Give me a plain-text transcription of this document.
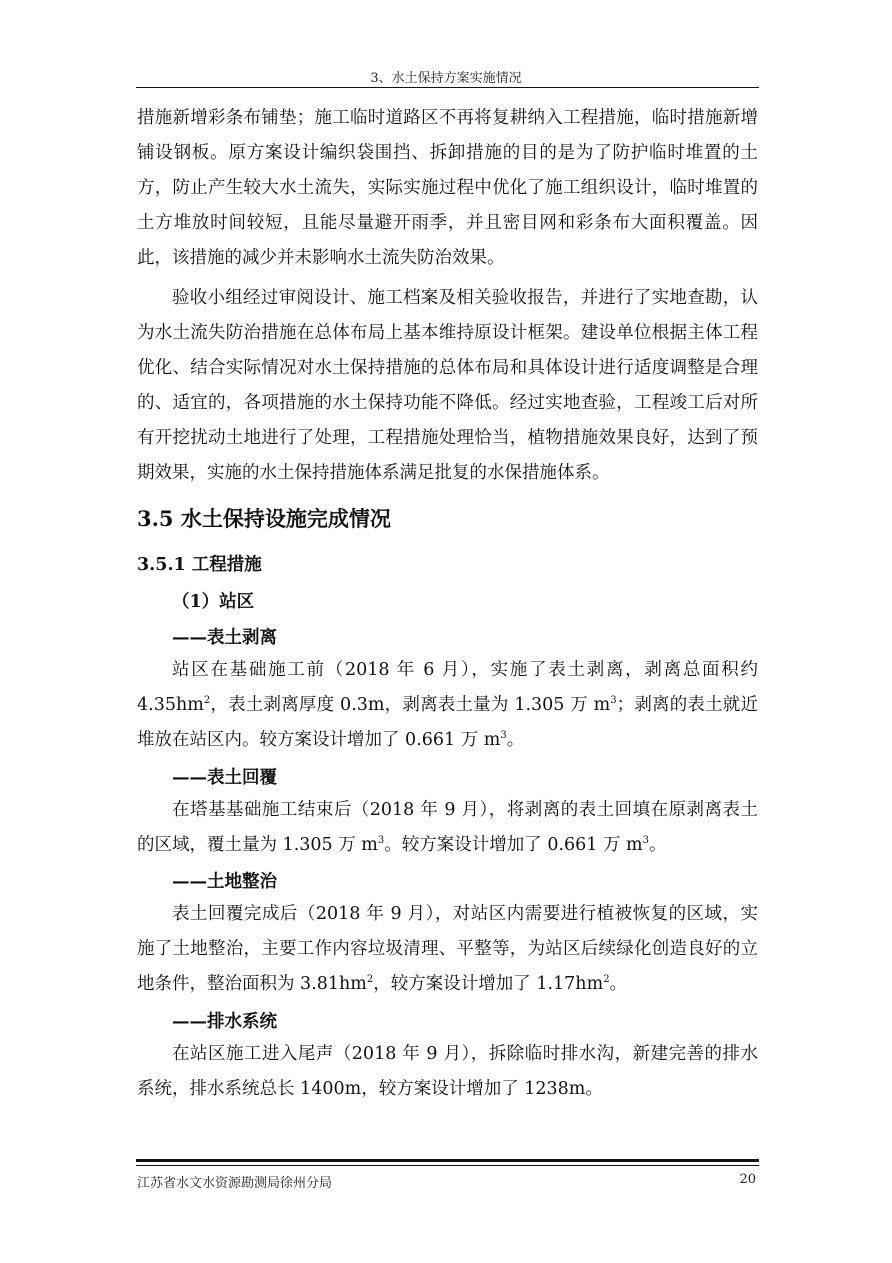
3、水土保持方案实施情况

措施新增彩条布铺垫；施工临时道路区不再将复耕纳入工程措施，临时措施新增铺设钢板。原方案设计编织袋围挡、拆卸措施的目的是为了防护临时堆置的土方，防止产生较大水土流失，实际实施过程中优化了施工组织设计，临时堆置的土方堆放时间较短，且能尽量避开雨季，并且密目网和彩条布大面积覆盖。因此，该措施的减少并未影响水土流失防治效果。

验收小组经过审阅设计、施工档案及相关验收报告，并进行了实地查勘，认为水土流失防治措施在总体布局上基本维持原设计框架。建设单位根据主体工程优化、结合实际情况对水土保持措施的总体布局和具体设计进行适度调整是合理的、适宜的，各项措施的水土保持功能不降低。经过实地查验，工程竣工后对所有开挖扰动土地进行了处理，工程措施处理恰当，植物措施效果良好，达到了预期效果，实施的水土保持措施体系满足批复的水保措施体系。

3.5 水土保持设施完成情况
3.5.1 工程措施
（1）站区
——表土剥离

站区在基础施工前（2018 年 6 月），实施了表土剥离，剥离总面积约 $4.35hm^2$，表土剥离厚度 0.3m，剥离表土量为 1.305 万 $m^3$；剥离的表土就近堆放在站区内。较方案设计增加了 0.661 万 $m^3$。

——表土回覆

在塔基基础施工结束后（2018 年 9 月），将剥离的表土回填在原剥离表土的区域，覆土量为 1.305 万 $m^3$。较方案设计增加了 0.661 万 $m^3$。

——土地整治

表土回覆完成后（2018 年 9 月），对站区内需要进行植被恢复的区域，实施了土地整治，主要工作内容垃圾清理、平整等，为站区后续绿化创造良好的立地条件，整治面积为 $3.81hm^2$，较方案设计增加了 $1.17hm^2$。

——排水系统

在站区施工进入尾声（2018 年 9 月），拆除临时排水沟，新建完善的排水系统，排水系统总长 1400m，较方案设计增加了 1238m。

江苏省水文水资源勘测局徐州分局	20
